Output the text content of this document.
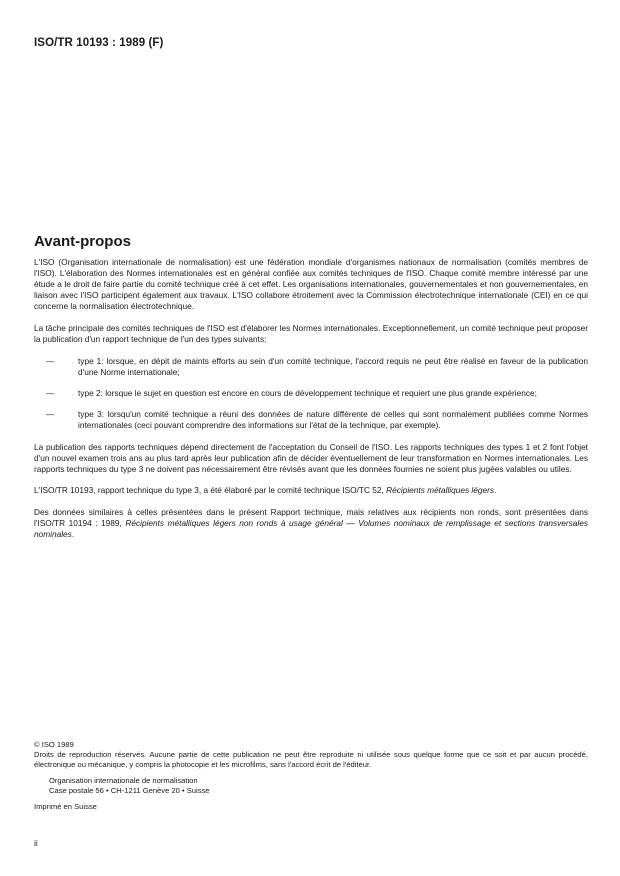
ISO/TR 10193 : 1989 (F)
Avant-propos

L'ISO (Organisation internationale de normalisation) est une fédération mondiale d'organismes nationaux de normalisation (comités membres de l'ISO). L'élaboration des Normes internationales est en général confiée aux comités techniques de l'ISO. Chaque comité membre intéressé par une étude a le droit de faire partie du comité technique créé à cet effet. Les organisations internationales, gouvernementales et non gouvernementales, en liaison avec l'ISO participent également aux travaux. L'ISO collabore étroitement avec la Commission électrotechnique internationale (CEI) en ce qui concerne la normalisation électrotechnique.

La tâche principale des comités techniques de l'ISO est d'élaborer les Normes internationales. Exceptionnellement, un comité technique peut proposer la publication d'un rapport technique de l'un des types suivants:

—	type 1: lorsque, en dépit de maints efforts au sein d'un comité technique, l'accord requis ne peut être réalisé en faveur de la publication d'une Norme internationale;
—	type 2: lorsque le sujet en question est encore en cours de développement technique et requiert une plus grande expérience;
—	type 3: lorsqu'un comité technique a réuni des données de nature différente de celles qui sont normalement publiées comme Normes internationales (ceci pouvant comprendre des informations sur l'état de la technique, par exemple).

La publication des rapports techniques dépend directement de l'acceptation du Conseil de l'ISO. Les rapports techniques des types 1 et 2 font l'objet d'un nouvel examen trois ans au plus tard après leur publication afin de décider éventuellement de leur transformation en Normes internationales. Les rapports techniques du type 3 ne doivent pas nécessairement être révisés avant que les données fournies ne soient plus jugées valables ou utiles.

L'ISO/TR 10193, rapport technique du type 3, a été élaboré par le comité technique ISO/TC 52, Récipients métalliques légers.

Des données similaires à celles présentées dans le présent Rapport technique, mais relatives aux récipients non ronds, sont présentées dans l'ISO/TR 10194 : 1989, Récipients métalliques légers non ronds à usage général — Volumes nominaux de remplissage et sections transversales nominales.

© ISO 1989
Droits de reproduction réservés. Aucune partie de cette publication ne peut être reproduite ni utilisée sous quelque forme que ce soit et par aucun procédé, électronique ou mécanique, y compris la photocopie et les microfilms, sans l'accord écrit de l'éditeur.
Organisation internationale de normalisation
Case postale 56 • CH-1211 Genève 20 • Suisse
Imprimé en Suisse
ii
